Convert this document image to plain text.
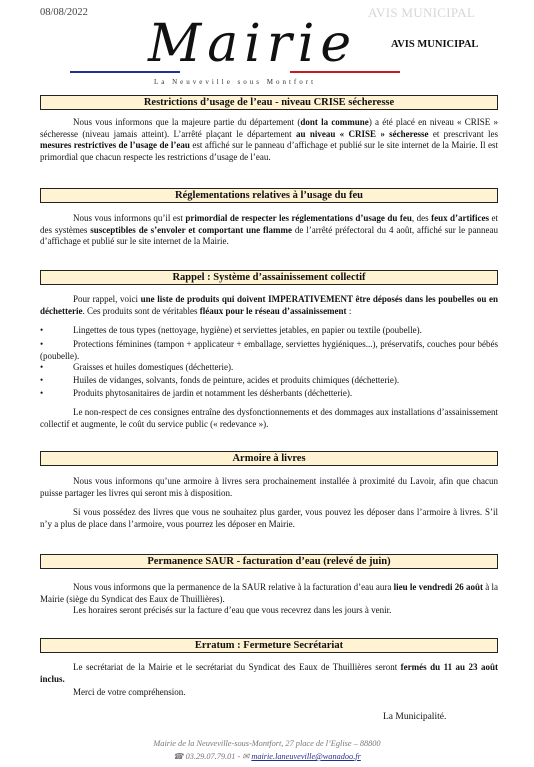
08/08/2022	AVIS MUNICIPAL
Mairie
La Neuveville sous Montfort
AVIS MUNICIPAL
Restrictions d’usage de l’eau - niveau CRISE sécheresse
Nous vous informons que la majeure partie du département (dont la commune) a été placé en niveau « CRISE » sécheresse (niveau jamais atteint). L’arrêté plaçant le département au niveau « CRISE » sécheresse et prescrivant les mesures restrictives de l’usage de l’eau est affiché sur le panneau d’affichage et publié sur le site internet de la Mairie. Il est primordial que chacun respecte les restrictions d’usage de l’eau.
Réglementations relatives à l’usage du feu
Nous vous informons qu’il est primordial de respecter les réglementations d’usage du feu, des feux d’artifices et des systèmes susceptibles de s’envoler et comportant une flamme de l’arrêté préfectoral du 4 août, affiché sur le panneau d’affichage et publié sur le site internet de la Mairie.
Rappel : Système d’assainissement collectif
Pour rappel, voici une liste de produits qui doivent IMPERATIVEMENT être déposés dans les poubelles ou en déchetterie. Ces produits sont de véritables fléaux pour le réseau d’assainissement :
•	Lingettes de tous types (nettoyage, hygiène) et serviettes jetables, en papier ou textile (poubelle).
•	Protections féminines (tampon + applicateur + emballage, serviettes hygiéniques...), préservatifs, couches pour bébés (poubelle).
•	Graisses et huiles domestiques (déchetterie).
•	Huiles de vidanges, solvants, fonds de peinture, acides et produits chimiques (déchetterie).
•	Produits phytosanitaires de jardin et notamment les désherbants (déchetterie).
Le non-respect de ces consignes entraîne des dysfonctionnements et des dommages aux installations d’assainissement collectif et augmente, le coût du service public (« redevance »).
Armoire à livres
Nous vous informons qu’une armoire à livres sera prochainement installée à proximité du Lavoir, afin que chacun puisse partager les livres qui seront mis à disposition.
Si vous possédez des livres que vous ne souhaitez plus garder, vous pouvez les déposer dans l’armoire à livres. S’il n’y a plus de place dans l’armoire, vous pourrez les déposer en Mairie.
Permanence SAUR - facturation d’eau (relevé de juin)
Nous vous informons que la permanence de la SAUR relative à la facturation d’eau aura lieu le vendredi 26 août à la Mairie (siège du Syndicat des Eaux de Thuillières).
Les horaires seront précisés sur la facture d’eau que vous recevrez dans les jours à venir.
Erratum : Fermeture Secrétariat
Le secrétariat de la Mairie et le secrétariat du Syndicat des Eaux de Thuillières seront fermés du 11 au 23 août inclus.
Merci de votre compréhension.
La Municipalité.
Mairie de la Neuveville-sous-Montfort, 27 place de l’Eglise – 88800
☎ 03.29.07.79.01 - ✉ mairie.laneuveville@wanadoo.fr
